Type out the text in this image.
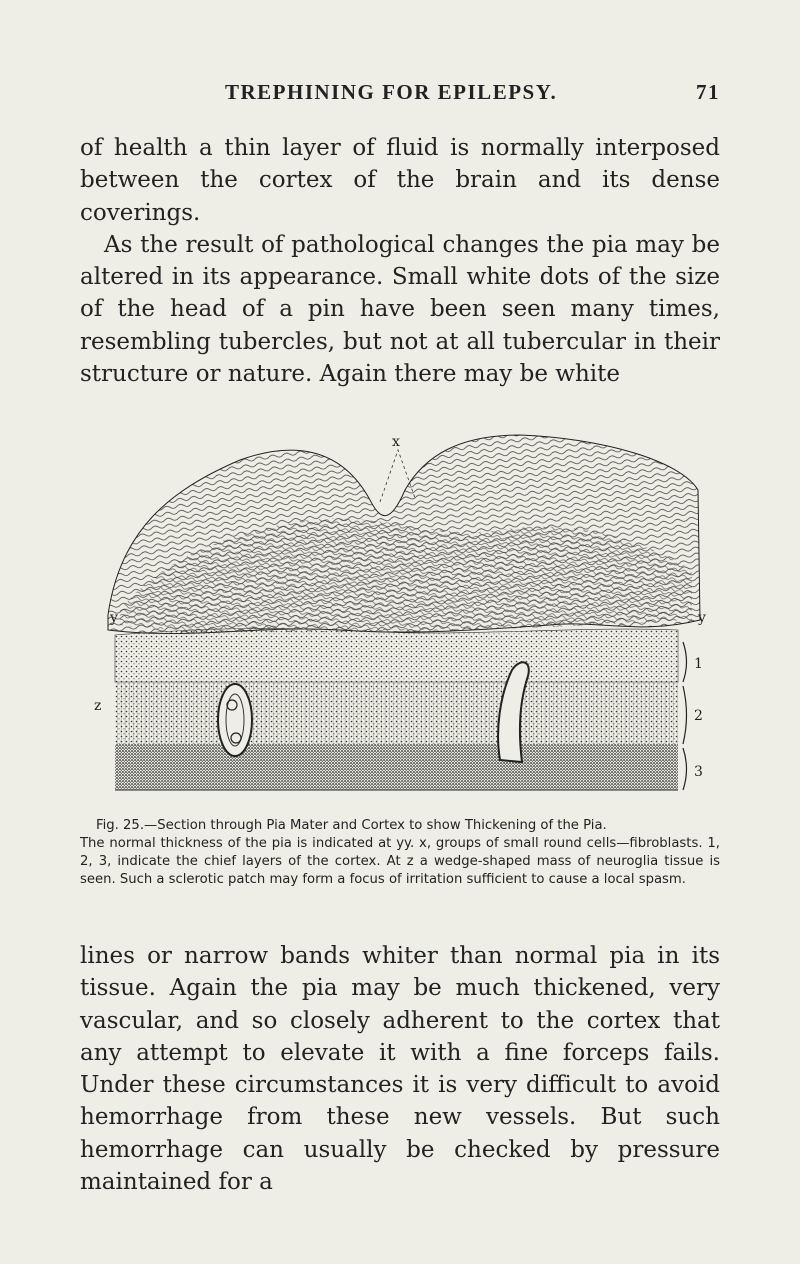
TREPHINING FOR EPILEPSY.	71

of health a thin layer of fluid is normally interposed between the cortex of the brain and its dense coverings.

As the result of pathological changes the pia may be altered in its appearance. Small white dots of the size of the head of a pin have been seen many times, resembling tubercles, but not at all tubercular in their structure or nature. Again there may be white

x
y	y
z
1
2
3
Fig. 25.—Section through Pia Mater and Cortex to show Thickening of the Pia.
The normal thickness of the pia is indicated at yy. x, groups of small round cells—fibroblasts. 1, 2, 3, indicate the chief layers of the cortex. At z a wedge-shaped mass of neuroglia tissue is seen. Such a sclerotic patch may form a focus of irritation sufficient to cause a local spasm.

lines or narrow bands whiter than normal pia in its tissue. Again the pia may be much thickened, very vascular, and so closely adherent to the cortex that any attempt to elevate it with a fine forceps fails. Under these circumstances it is very difficult to avoid hemorrhage from these new vessels. But such hemorrhage can usually be checked by pressure maintained for a
